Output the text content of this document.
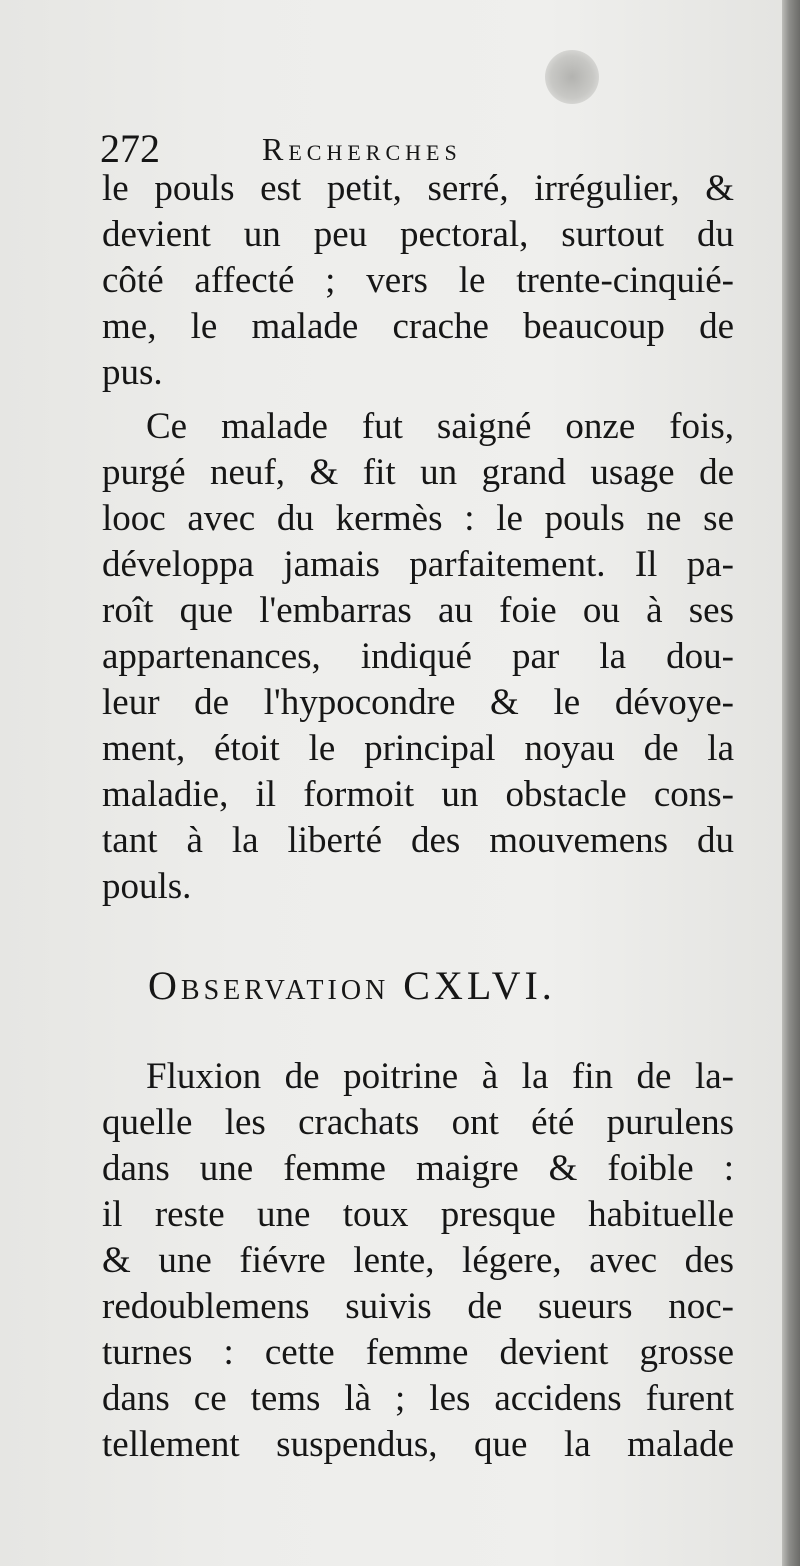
272	Recherches
le pouls est petit, serré, irrégulier, &
devient un peu pectoral, surtout du
côté affecté ; vers le trente-cinquié-
me, le malade crache beaucoup de
pus.
Ce malade fut saigné onze fois,
purgé neuf, & fit un grand usage de
looc avec du kermès : le pouls ne se
développa jamais parfaitement. Il pa-
roît que l'embarras au foie ou à ses
appartenances, indiqué par la dou-
leur de l'hypocondre & le dévoye-
ment, étoit le principal noyau de la
maladie, il formoit un obstacle cons-
tant à la liberté des mouvemens du
pouls.
Observation CXLVI.
Fluxion de poitrine à la fin de la-
quelle les crachats ont été purulens
dans une femme maigre & foible :
il reste une toux presque habituelle
& une fiévre lente, légere, avec des
redoublemens suivis de sueurs noc-
turnes : cette femme devient grosse
dans ce tems là ; les accidens furent
tellement suspendus, que la malade
